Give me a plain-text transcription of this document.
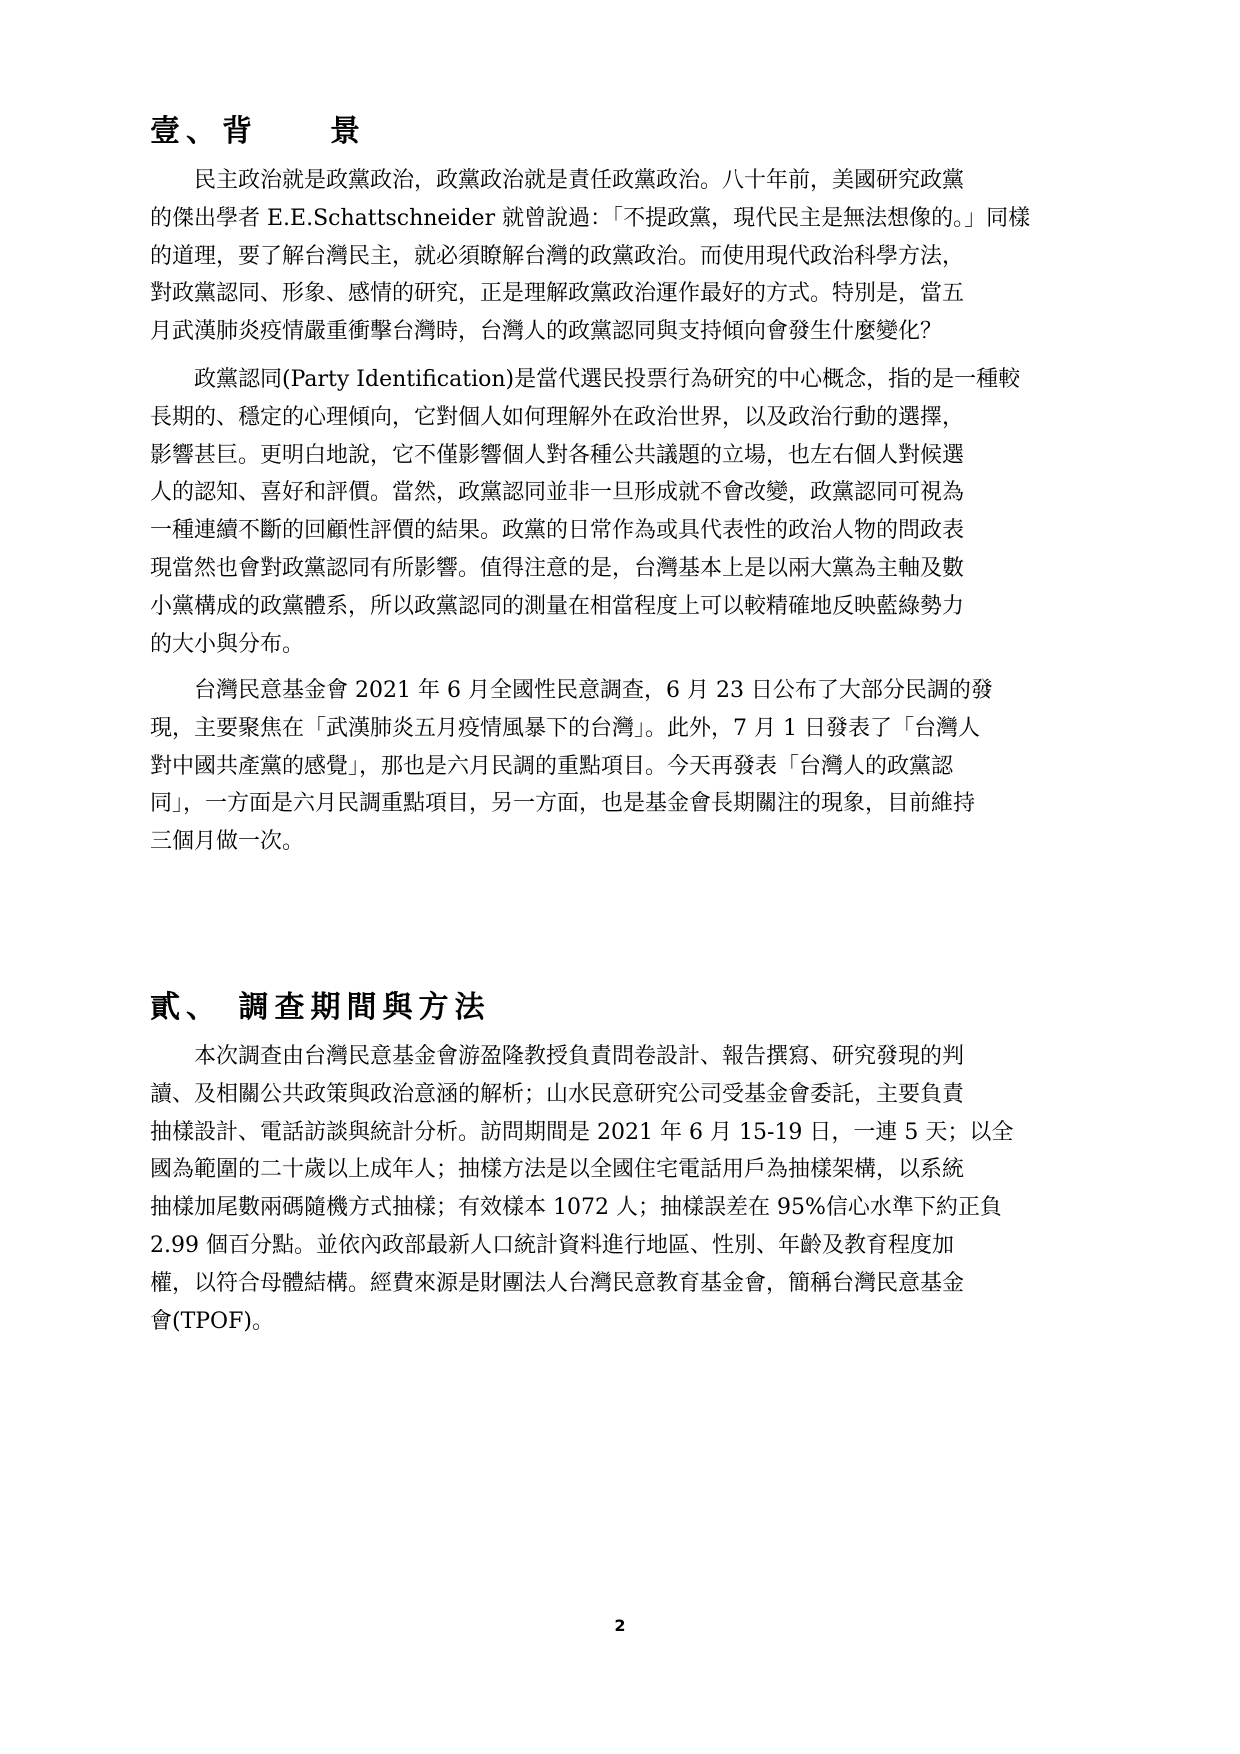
壹、背　　景

　　民主政治就是政黨政治，政黨政治就是責任政黨政治。八十年前，美國研究政黨
的傑出學者 E.E.Schattschneider 就曾說過：「不提政黨，現代民主是無法想像的。」同樣
的道理，要了解台灣民主，就必須瞭解台灣的政黨政治。而使用現代政治科學方法，
對政黨認同、形象、感情的研究，正是理解政黨政治運作最好的方式。特別是，當五
月武漢肺炎疫情嚴重衝擊台灣時，台灣人的政黨認同與支持傾向會發生什麼變化？

　　政黨認同(Party Identification)是當代選民投票行為研究的中心概念，指的是一種較
長期的、穩定的心理傾向，它對個人如何理解外在政治世界，以及政治行動的選擇，
影響甚巨。更明白地說，它不僅影響個人對各種公共議題的立場，也左右個人對候選
人的認知、喜好和評價。當然，政黨認同並非一旦形成就不會改變，政黨認同可視為
一種連續不斷的回顧性評價的結果。政黨的日常作為或具代表性的政治人物的問政表
現當然也會對政黨認同有所影響。值得注意的是，台灣基本上是以兩大黨為主軸及數
小黨構成的政黨體系，所以政黨認同的測量在相當程度上可以較精確地反映藍綠勢力
的大小與分布。

　　台灣民意基金會 2021 年 6 月全國性民意調查，6 月 23 日公布了大部分民調的發
現，主要聚焦在「武漢肺炎五月疫情風暴下的台灣」。此外，7 月 1 日發表了「台灣人
對中國共產黨的感覺」，那也是六月民調的重點項目。今天再發表「台灣人的政黨認
同」，一方面是六月民調重點項目，另一方面，也是基金會長期關注的現象，目前維持
三個月做一次。

貳、 調查期間與方法

　　本次調查由台灣民意基金會游盈隆教授負責問卷設計、報告撰寫、研究發現的判
讀、及相關公共政策與政治意涵的解析；山水民意研究公司受基金會委託，主要負責
抽樣設計、電話訪談與統計分析。訪問期間是 2021 年 6 月 15-19 日，一連 5 天；以全
國為範圍的二十歲以上成年人；抽樣方法是以全國住宅電話用戶為抽樣架構，以系統
抽樣加尾數兩碼隨機方式抽樣；有效樣本 1072 人；抽樣誤差在 95%信心水準下約正負
2.99 個百分點。並依內政部最新人口統計資料進行地區、性別、年齡及教育程度加
權，以符合母體結構。經費來源是財團法人台灣民意教育基金會，簡稱台灣民意基金
會(TPOF)。

2
